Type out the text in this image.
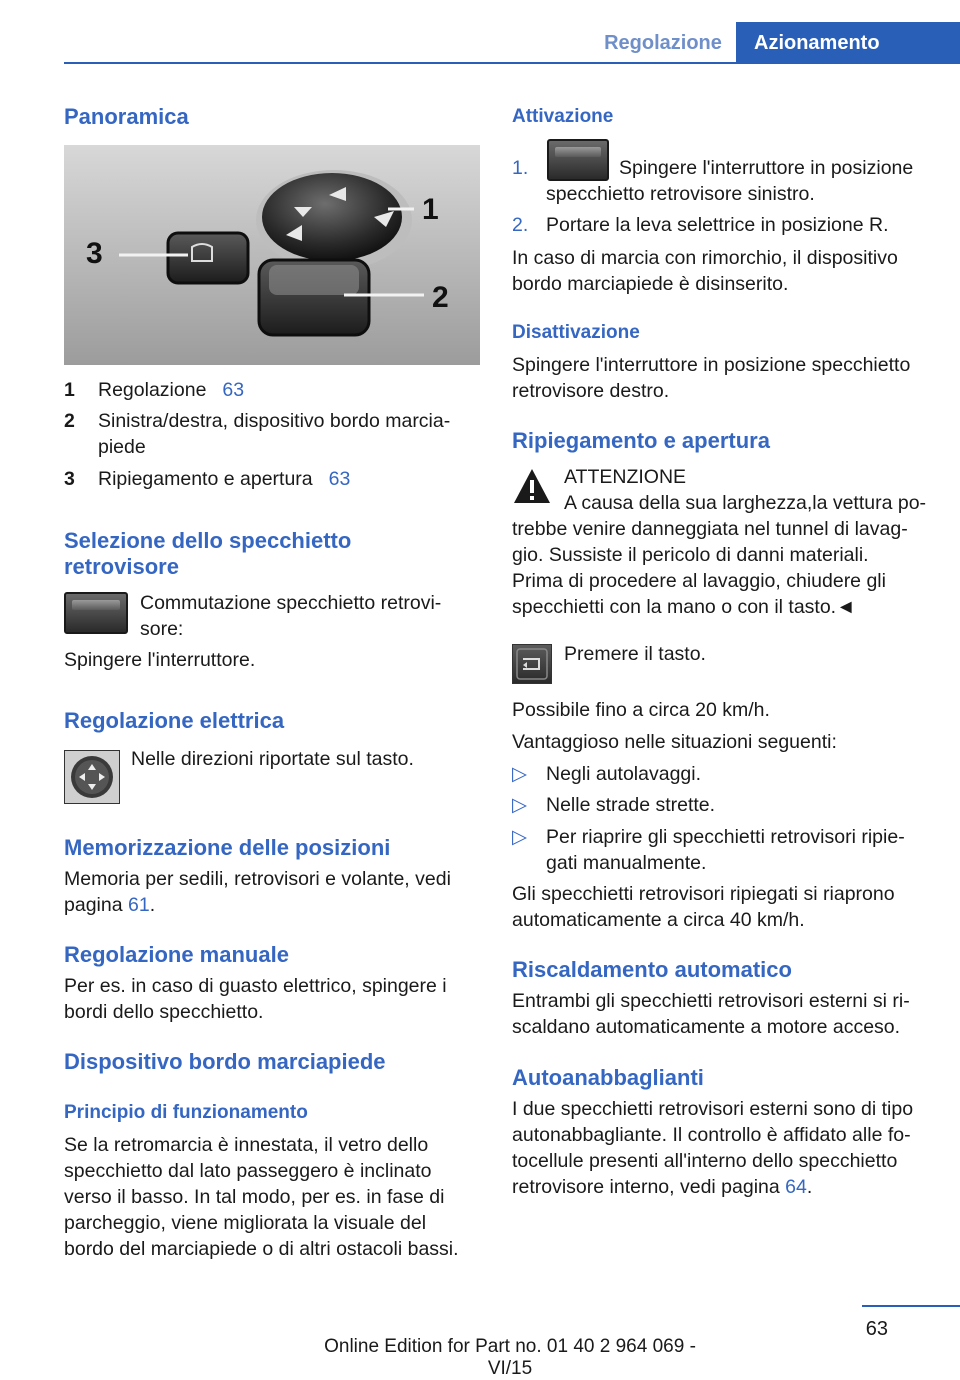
Regolazione	Azionamento
Panoramica
1
2
3
1	Regolazione 63
2	Sinistra/destra, dispositivo bordo marcia-
piede
3	Ripiegamento e apertura 63
Selezione dello specchietto
retrovisore
Commutazione specchietto retrovi-
sore:
Spingere l'interruttore.
Regolazione elettrica
Nelle direzioni riportate sul tasto.
Memorizzazione delle posizioni
Memoria per sedili, retrovisori e volante, vedi
pagina 61.
Regolazione manuale
Per es. in caso di guasto elettrico, spingere i
bordi dello specchietto.
Dispositivo bordo marciapiede
Principio di funzionamento
Se la retromarcia è innestata, il vetro dello
specchietto dal lato passeggero è inclinato
verso il basso. In tal modo, per es. in fase di
parcheggio, viene migliorata la visuale del
bordo del marciapiede o di altri ostacoli bassi.
Attivazione
1.	Spingere l'interruttore in posizione
specchietto retrovisore sinistro.
2. Portare la leva selettrice in posizione R.
In caso di marcia con rimorchio, il dispositivo
bordo marciapiede è disinserito.
Disattivazione
Spingere l'interruttore in posizione specchietto
retrovisore destro.
Ripiegamento e apertura
ATTENZIONE
A causa della sua larghezza,la vettura po-
trebbe venire danneggiata nel tunnel di lavag-
gio. Sussiste il pericolo di danni materiali.
Prima di procedere al lavaggio, chiudere gli
specchietti con la mano o con il tasto.◄
Premere il tasto.
Possibile fino a circa 20 km/h.
Vantaggioso nelle situazioni seguenti:
▷ Negli autolavaggi.
▷ Nelle strade strette.
▷ Per riaprire gli specchietti retrovisori ripie-
gati manualmente.
Gli specchietti retrovisori ripiegati si riaprono
automaticamente a circa 40 km/h.
Riscaldamento automatico
Entrambi gli specchietti retrovisori esterni si ri-
scaldano automaticamente a motore acceso.
Autoanabbaglianti
I due specchietti retrovisori esterni sono di tipo
autonabbagliante. Il controllo è affidato alle fo-
tocellule presenti all'interno dello specchietto
retrovisore interno, vedi pagina 64.
63
Online Edition for Part no. 01 40 2 964 069 - VI/15
